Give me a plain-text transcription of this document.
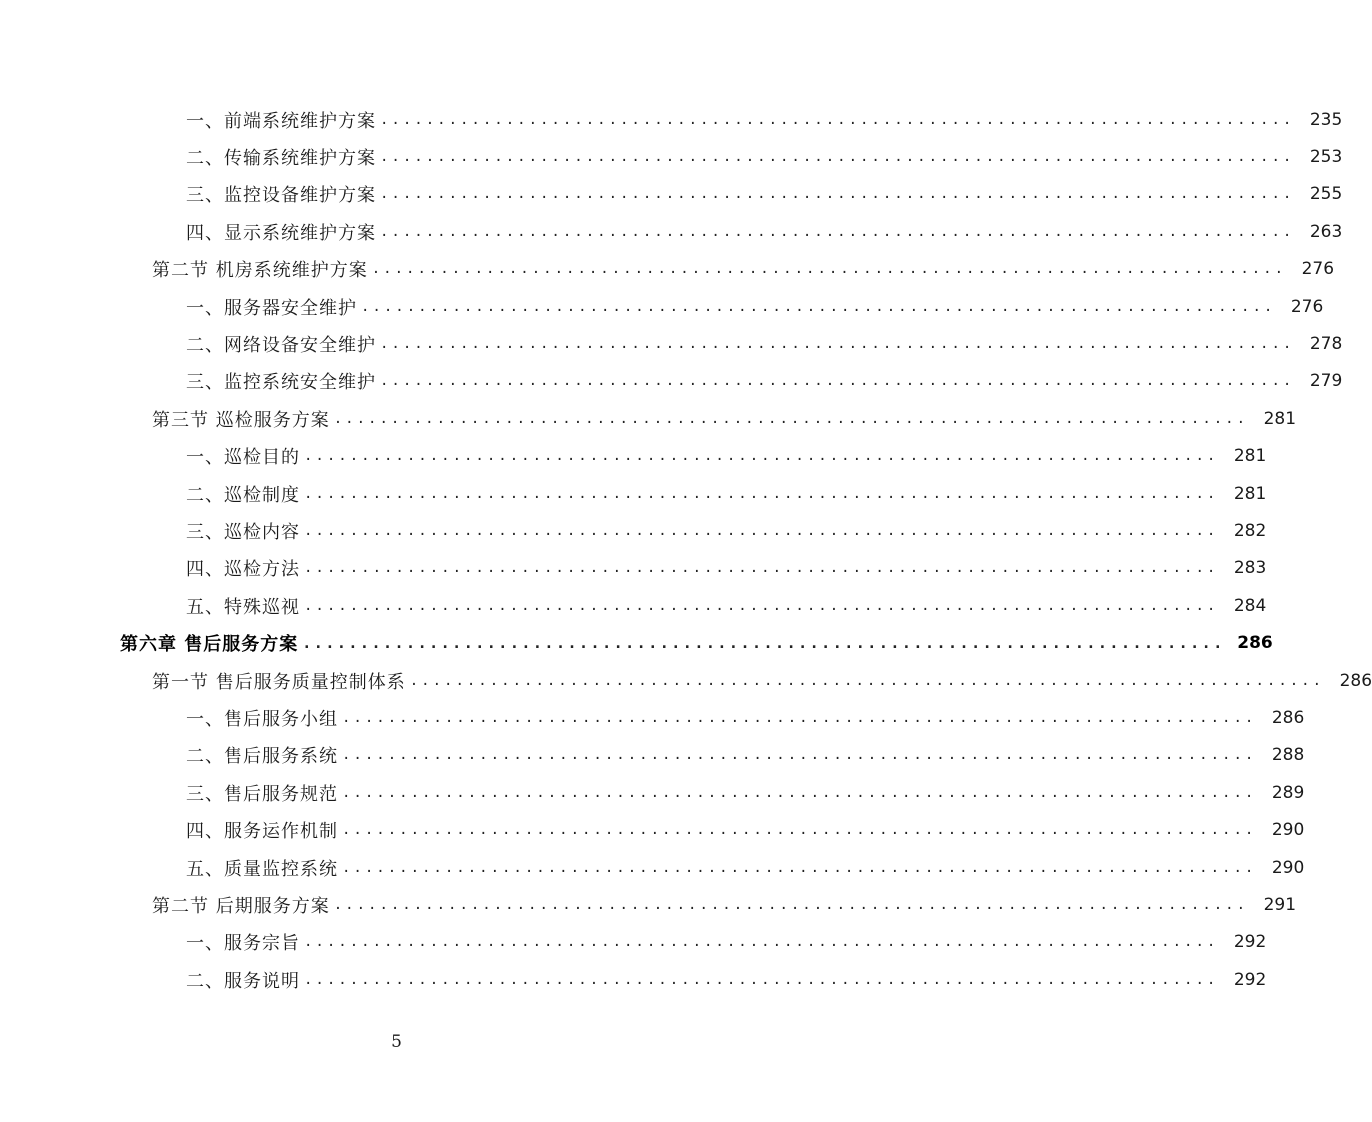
一、前端系统维护方案 ................................................................................ 235
二、传输系统维护方案 ................................................................................ 253
三、监控设备维护方案 ................................................................................ 255
四、显示系统维护方案 ................................................................................ 263
第二节 机房系统维护方案 ................................................................................ 276
一、服务器安全维护 ................................................................................ 276
二、网络设备安全维护 ................................................................................ 278
三、监控系统安全维护 ................................................................................ 279
第三节 巡检服务方案 ................................................................................ 281
一、巡检目的 ................................................................................ 281
二、巡检制度 ................................................................................ 281
三、巡检内容 ................................................................................ 282
四、巡检方法 ................................................................................ 283
五、特殊巡视 ................................................................................ 284
第六章 售后服务方案 ................................................................................ 286
第一节 售后服务质量控制体系 ................................................................................ 286
一、售后服务小组 ................................................................................ 286
二、售后服务系统 ................................................................................ 288
三、售后服务规范 ................................................................................ 289
四、服务运作机制 ................................................................................ 290
五、质量监控系统 ................................................................................ 290
第二节 后期服务方案 ................................................................................ 291
一、服务宗旨 ................................................................................ 292
二、服务说明 ................................................................................ 292
5
